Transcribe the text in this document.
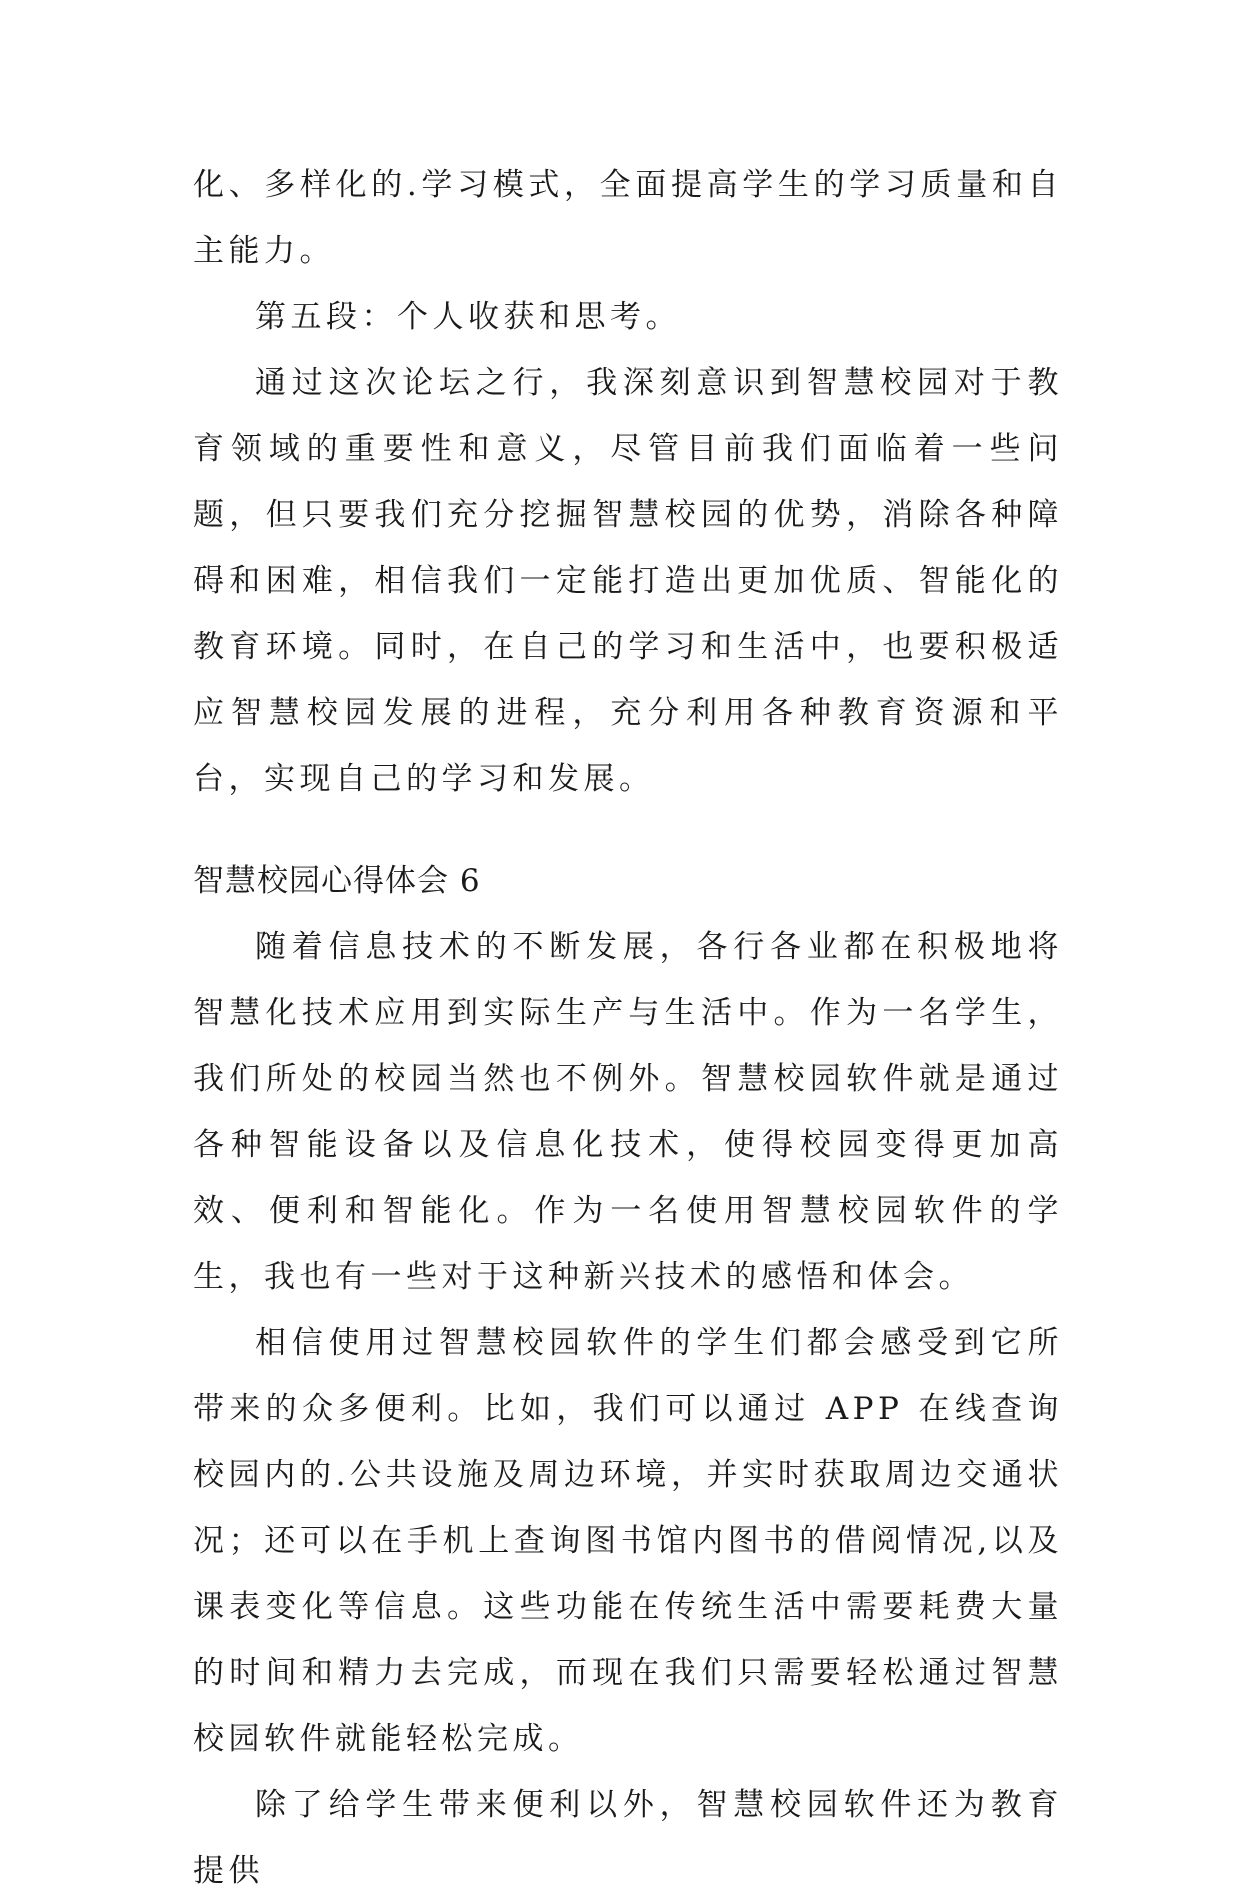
化、多样化的.学习模式，全面提高学生的学习质量和自主能力。

第五段：个人收获和思考。

通过这次论坛之行，我深刻意识到智慧校园对于教育领域的重要性和意义，尽管目前我们面临着一些问题，但只要我们充分挖掘智慧校园的优势，消除各种障碍和困难，相信我们一定能打造出更加优质、智能化的教育环境。同时，在自己的学习和生活中，也要积极适应智慧校园发展的进程，充分利用各种教育资源和平台，实现自己的学习和发展。

智慧校园心得体会 6

随着信息技术的不断发展，各行各业都在积极地将智慧化技术应用到实际生产与生活中。作为一名学生，我们所处的校园当然也不例外。智慧校园软件就是通过各种智能设备以及信息化技术，使得校园变得更加高效、便利和智能化。作为一名使用智慧校园软件的学生，我也有一些对于这种新兴技术的感悟和体会。

相信使用过智慧校园软件的学生们都会感受到它所带来的众多便利。比如，我们可以通过 APP 在线查询校园内的.公共设施及周边环境，并实时获取周边交通状况；还可以在手机上查询图书馆内图书的借阅情况,以及课表变化等信息。这些功能在传统生活中需要耗费大量的时间和精力去完成，而现在我们只需要轻松通过智慧校园软件就能轻松完成。

除了给学生带来便利以外，智慧校园软件还为教育提供
